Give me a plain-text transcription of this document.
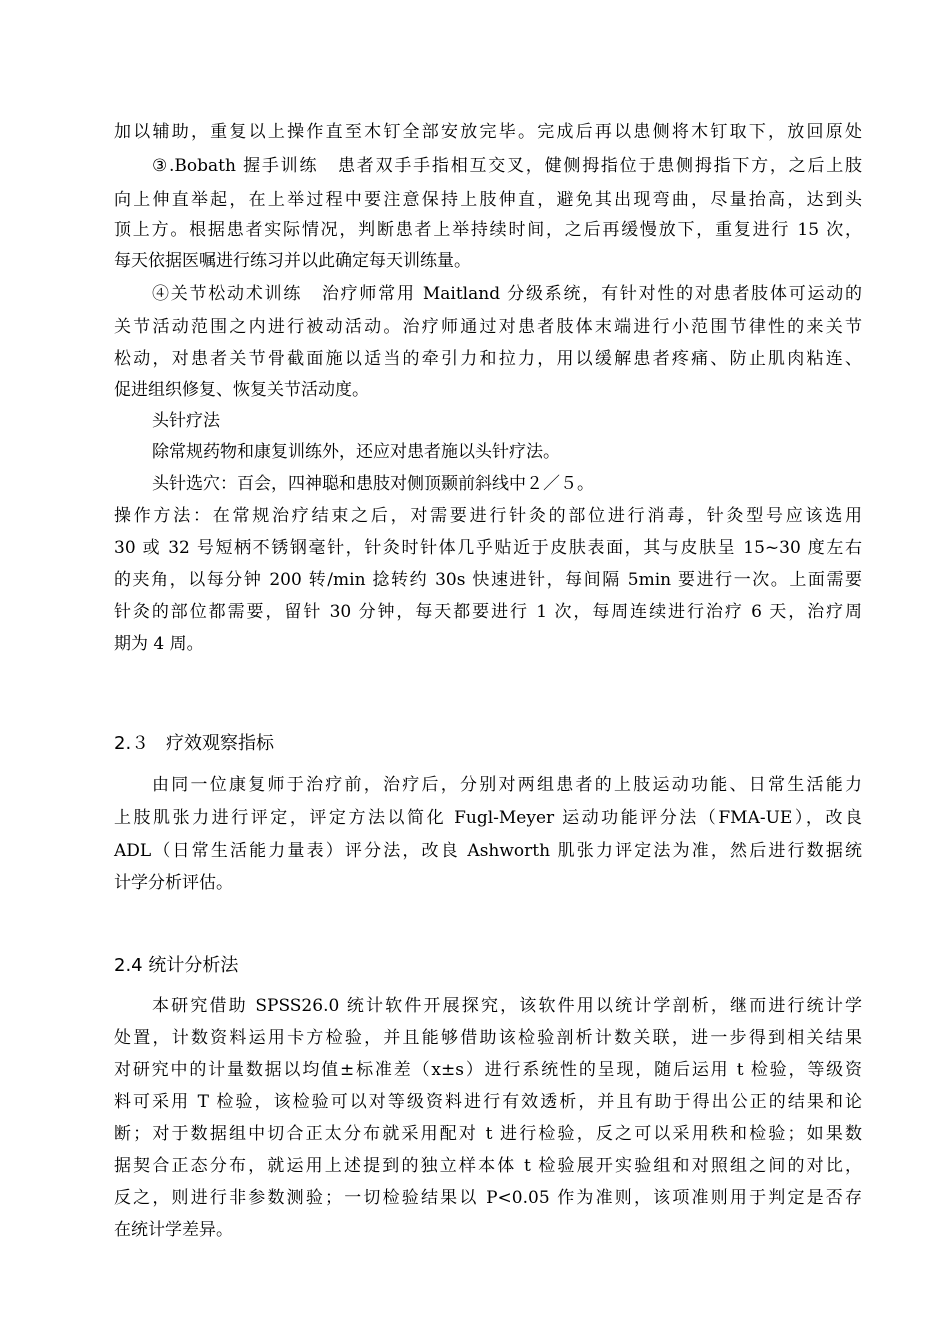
加以辅助，重复以上操作直至木钉全部安放完毕。完成后再以患侧将木钉取下，放回原处
③.Bobath 握手训练 患者双手手指相互交叉，健侧拇指位于患侧拇指下方，之后上肢
向上伸直举起，在上举过程中要注意保持上肢伸直，避免其出现弯曲，尽量抬高，达到头
顶上方。根据患者实际情况，判断患者上举持续时间，之后再缓慢放下，重复进行 15 次，
每天依据医嘱进行练习并以此确定每天训练量。
④关节松动术训练 治疗师常用 Maitland 分级系统，有针对性的对患者肢体可运动的
关节活动范围之内进行被动活动。治疗师通过对患者肢体末端进行小范围节律性的来关节
松动，对患者关节骨截面施以适当的牵引力和拉力，用以缓解患者疼痛、防止肌肉粘连、
促进组织修复、恢复关节活动度。
头针疗法
除常规药物和康复训练外，还应对患者施以头针疗法。
头针选穴：百会，四神聪和患肢对侧顶颞前斜线中２／５。
操作方法：在常规治疗结束之后，对需要进行针灸的部位进行消毒，针灸型号应该选用
30 或 32 号短柄不锈钢毫针，针灸时针体几乎贴近于皮肤表面，其与皮肤呈 15~30 度左右
的夹角，以每分钟 200 转/min 捻转约 30s 快速进针，每间隔 5min 要进行一次。上面需要
针灸的部位都需要，留针 30 分钟，每天都要进行 1 次，每周连续进行治疗 6 天，治疗周
期为 4 周。
2.３ 疗效观察指标
由同一位康复师于治疗前，治疗后，分别对两组患者的上肢运动功能、日常生活能力
上肢肌张力进行评定，评定方法以简化 Fugl-Meyer 运动功能评分法（FMA-UE），改良
ADL（日常生活能力量表）评分法，改良 Ashworth 肌张力评定法为准，然后进行数据统
计学分析评估。
2.4 统计分析法
本研究借助 SPSS26.0 统计软件开展探究，该软件用以统计学剖析，继而进行统计学
处置，计数资料运用卡方检验，并且能够借助该检验剖析计数关联，进一步得到相关结果
对研究中的计量数据以均值±标准差（x±s）进行系统性的呈现，随后运用 t 检验，等级资
料可采用 T 检验，该检验可以对等级资料进行有效透析，并且有助于得出公正的结果和论
断；对于数据组中切合正太分布就采用配对 t 进行检验，反之可以采用秩和检验；如果数
据契合正态分布，就运用上述提到的独立样本体 t 检验展开实验组和对照组之间的对比，
反之，则进行非参数测验；一切检验结果以 P<0.05 作为准则，该项准则用于判定是否存
在统计学差异。
